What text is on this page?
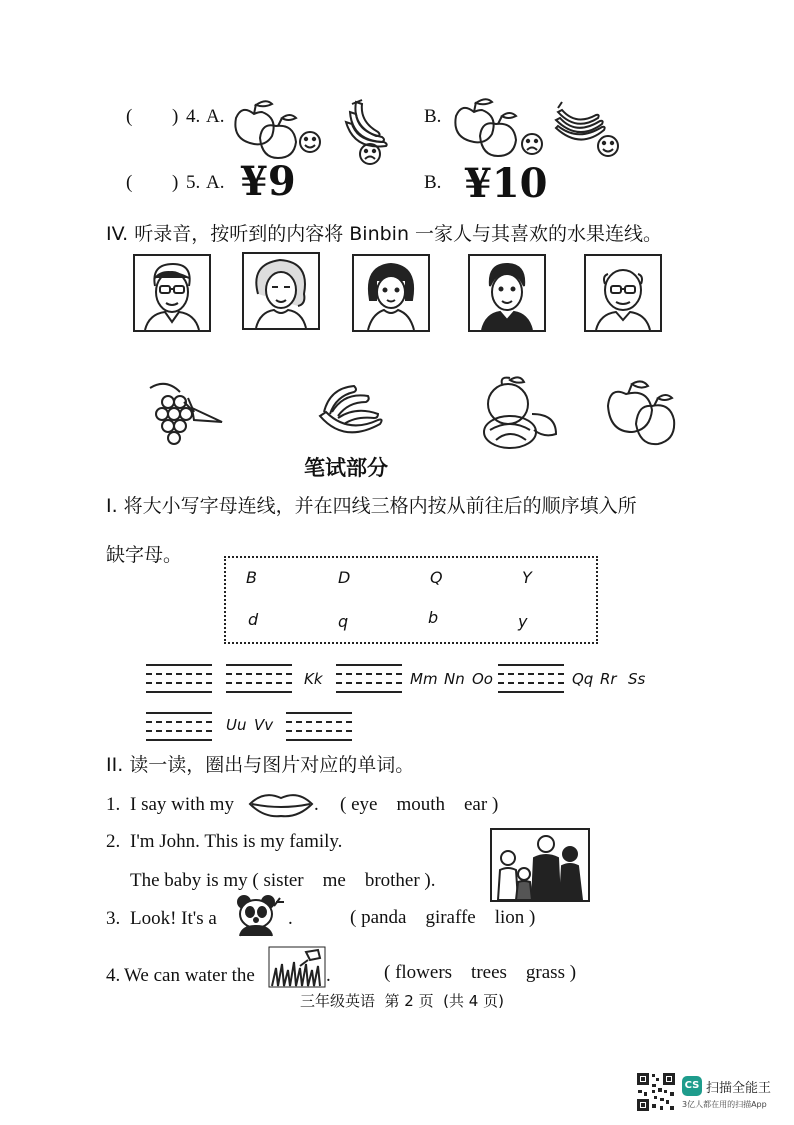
( ) 4. A.	B.
( ) 5. A. ¥9	B. ¥10
IV. 听录音，按听到的内容将 Binbin 一家人与其喜欢的水果连线。
笔试部分
I. 将大小写字母连线，并在四线三格内按从前往后的顺序填入所
缺字母。
B	D	Q	Y
d	q	b	y
Kk	Mm Nn Oo	Qq Rr Ss
Uu Vv
II. 读一读，圈出与图片对应的单词。
1. I say with my	. ( eye    mouth    ear )
2. I'm John. This is my family.
The baby is my ( sister    me    brother ).
3. Look! It's a	.	( panda    giraffe    lion )
4. We can water the	.	( flowers    trees    grass )
三年级英语  第 2 页  (共 4 页)
CS 扫描全能王
3亿人都在用的扫描App
